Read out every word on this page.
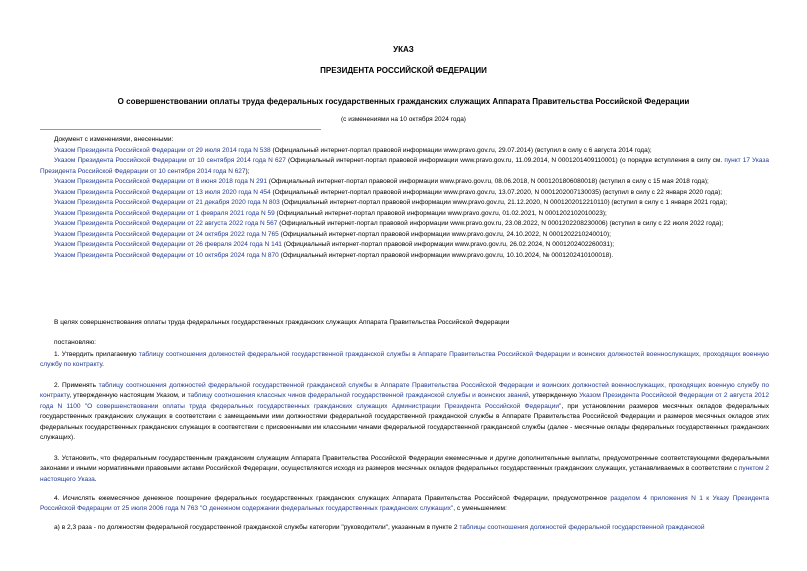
УКАЗ
ПРЕЗИДЕНТА РОССИЙСКОЙ ФЕДЕРАЦИИ
О совершенствовании оплаты труда федеральных государственных гражданских служащих Аппарата Правительства Российской Федерации
(с изменениями на 10 октября 2024 года)

Документ с изменениями, внесенными:

Указом Президента Российской Федерации от 29 июля 2014 года N 538 (Официальный интернет-портал правовой информации www.pravo.gov.ru, 29.07.2014) (вступил в силу с 6 августа 2014 года);

Указом Президента Российской Федерации от 10 сентября 2014 года N 627 (Официальный интернет-портал правовой информации www.pravo.gov.ru, 11.09.2014, N 0001201409110001) (о порядке вступления в силу см. пункт 17 Указа Президента Российской Федерации от 10 сентября 2014 года N 627);

Указом Президента Российской Федерации от 8 июня 2018 года N 291 (Официальный интернет-портал правовой информации www.pravo.gov.ru, 08.06.2018, N 0001201806080018) (вступил в силу с 15 мая 2018 года);

Указом Президента Российской Федерации от 13 июля 2020 года N 454 (Официальный интернет-портал правовой информации www.pravo.gov.ru, 13.07.2020, N 0001202007130035) (вступил в силу с 22 января 2020 года);

Указом Президента Российской Федерации от 21 декабря 2020 года N 803 (Официальный интернет-портал правовой информации www.pravo.gov.ru, 21.12.2020, N 0001202012210110) (вступил в силу с 1 января 2021 года);

Указом Президента Российской Федерации от 1 февраля 2021 года N 59 (Официальный интернет-портал правовой информации www.pravo.gov.ru, 01.02.2021, N 0001202102010023);

Указом Президента Российской Федерации от 22 августа 2022 года N 567 (Официальный интернет-портал правовой информации www.pravo.gov.ru, 23.08.2022, N 0001202208230006) (вступил в силу с 22 июля 2022 года);

Указом Президента Российской Федерации от 24 октября 2022 года N 765 (Официальный интернет-портал правовой информации www.pravo.gov.ru, 24.10.2022, N 0001202210240010);

Указом Президента Российской Федерации от 26 февраля 2024 года N 141 (Официальный интернет-портал правовой информации www.pravo.gov.ru, 26.02.2024, N 0001202402260031);

Указом Президента Российской Федерации от 10 октября 2024 года N 870 (Официальный интернет-портал правовой информации www.pravo.gov.ru, 10.10.2024, № 0001202410100018).

В целях совершенствования оплаты труда федеральных государственных гражданских служащих Аппарата Правительства Российской Федерации

постановляю:

1. Утвердить прилагаемую таблицу соотношения должностей федеральной государственной гражданской службы в Аппарате Правительства Российской Федерации и воинских должностей военнослужащих, проходящих военную службу по контракту.

2. Применять таблицу соотношения должностей федеральной государственной гражданской службы в Аппарате Правительства Российской Федерации и воинских должностей военнослужащих, проходящих военную службу по контракту, утвержденную настоящим Указом, и таблицу соотношения классных чинов федеральной государственной гражданской службы и воинских званий, утвержденную Указом Президента Российской Федерации от 2 августа 2012 года N 1100 "О совершенствовании оплаты труда федеральных государственных гражданских служащих Администрации Президента Российской Федерации", при установлении размеров месячных окладов федеральных государственных гражданских служащих в соответствии с замещаемыми ими должностями федеральной государственной гражданской службы в Аппарате Правительства Российской Федерации и размеров месячных окладов этих федеральных государственных гражданских служащих в соответствии с присвоенными им классными чинами федеральной государственной гражданской службы (далее - месячные оклады федеральных государственных гражданских служащих).

3. Установить, что федеральным государственным гражданским служащим Аппарата Правительства Российской Федерации ежемесячные и другие дополнительные выплаты, предусмотренные соответствующими федеральными законами и иными нормативными правовыми актами Российской Федерации, осуществляются исходя из размеров месячных окладов федеральных государственных гражданских служащих, устанавливаемых в соответствии с пунктом 2 настоящего Указа.

4. Исчислять ежемесячное денежное поощрение федеральных государственных гражданских служащих Аппарата Правительства Российской Федерации, предусмотренное разделом 4 приложения N 1 к Указу Президента Российской Федерации от 25 июля 2006 года N 763 "О денежном содержании федеральных государственных гражданских служащих", с уменьшением:

а) в 2,3 раза - по должностям федеральной государственной гражданской службы категории "руководители", указанным в пункте 2 таблицы соотношения должностей федеральной государственной гражданской
